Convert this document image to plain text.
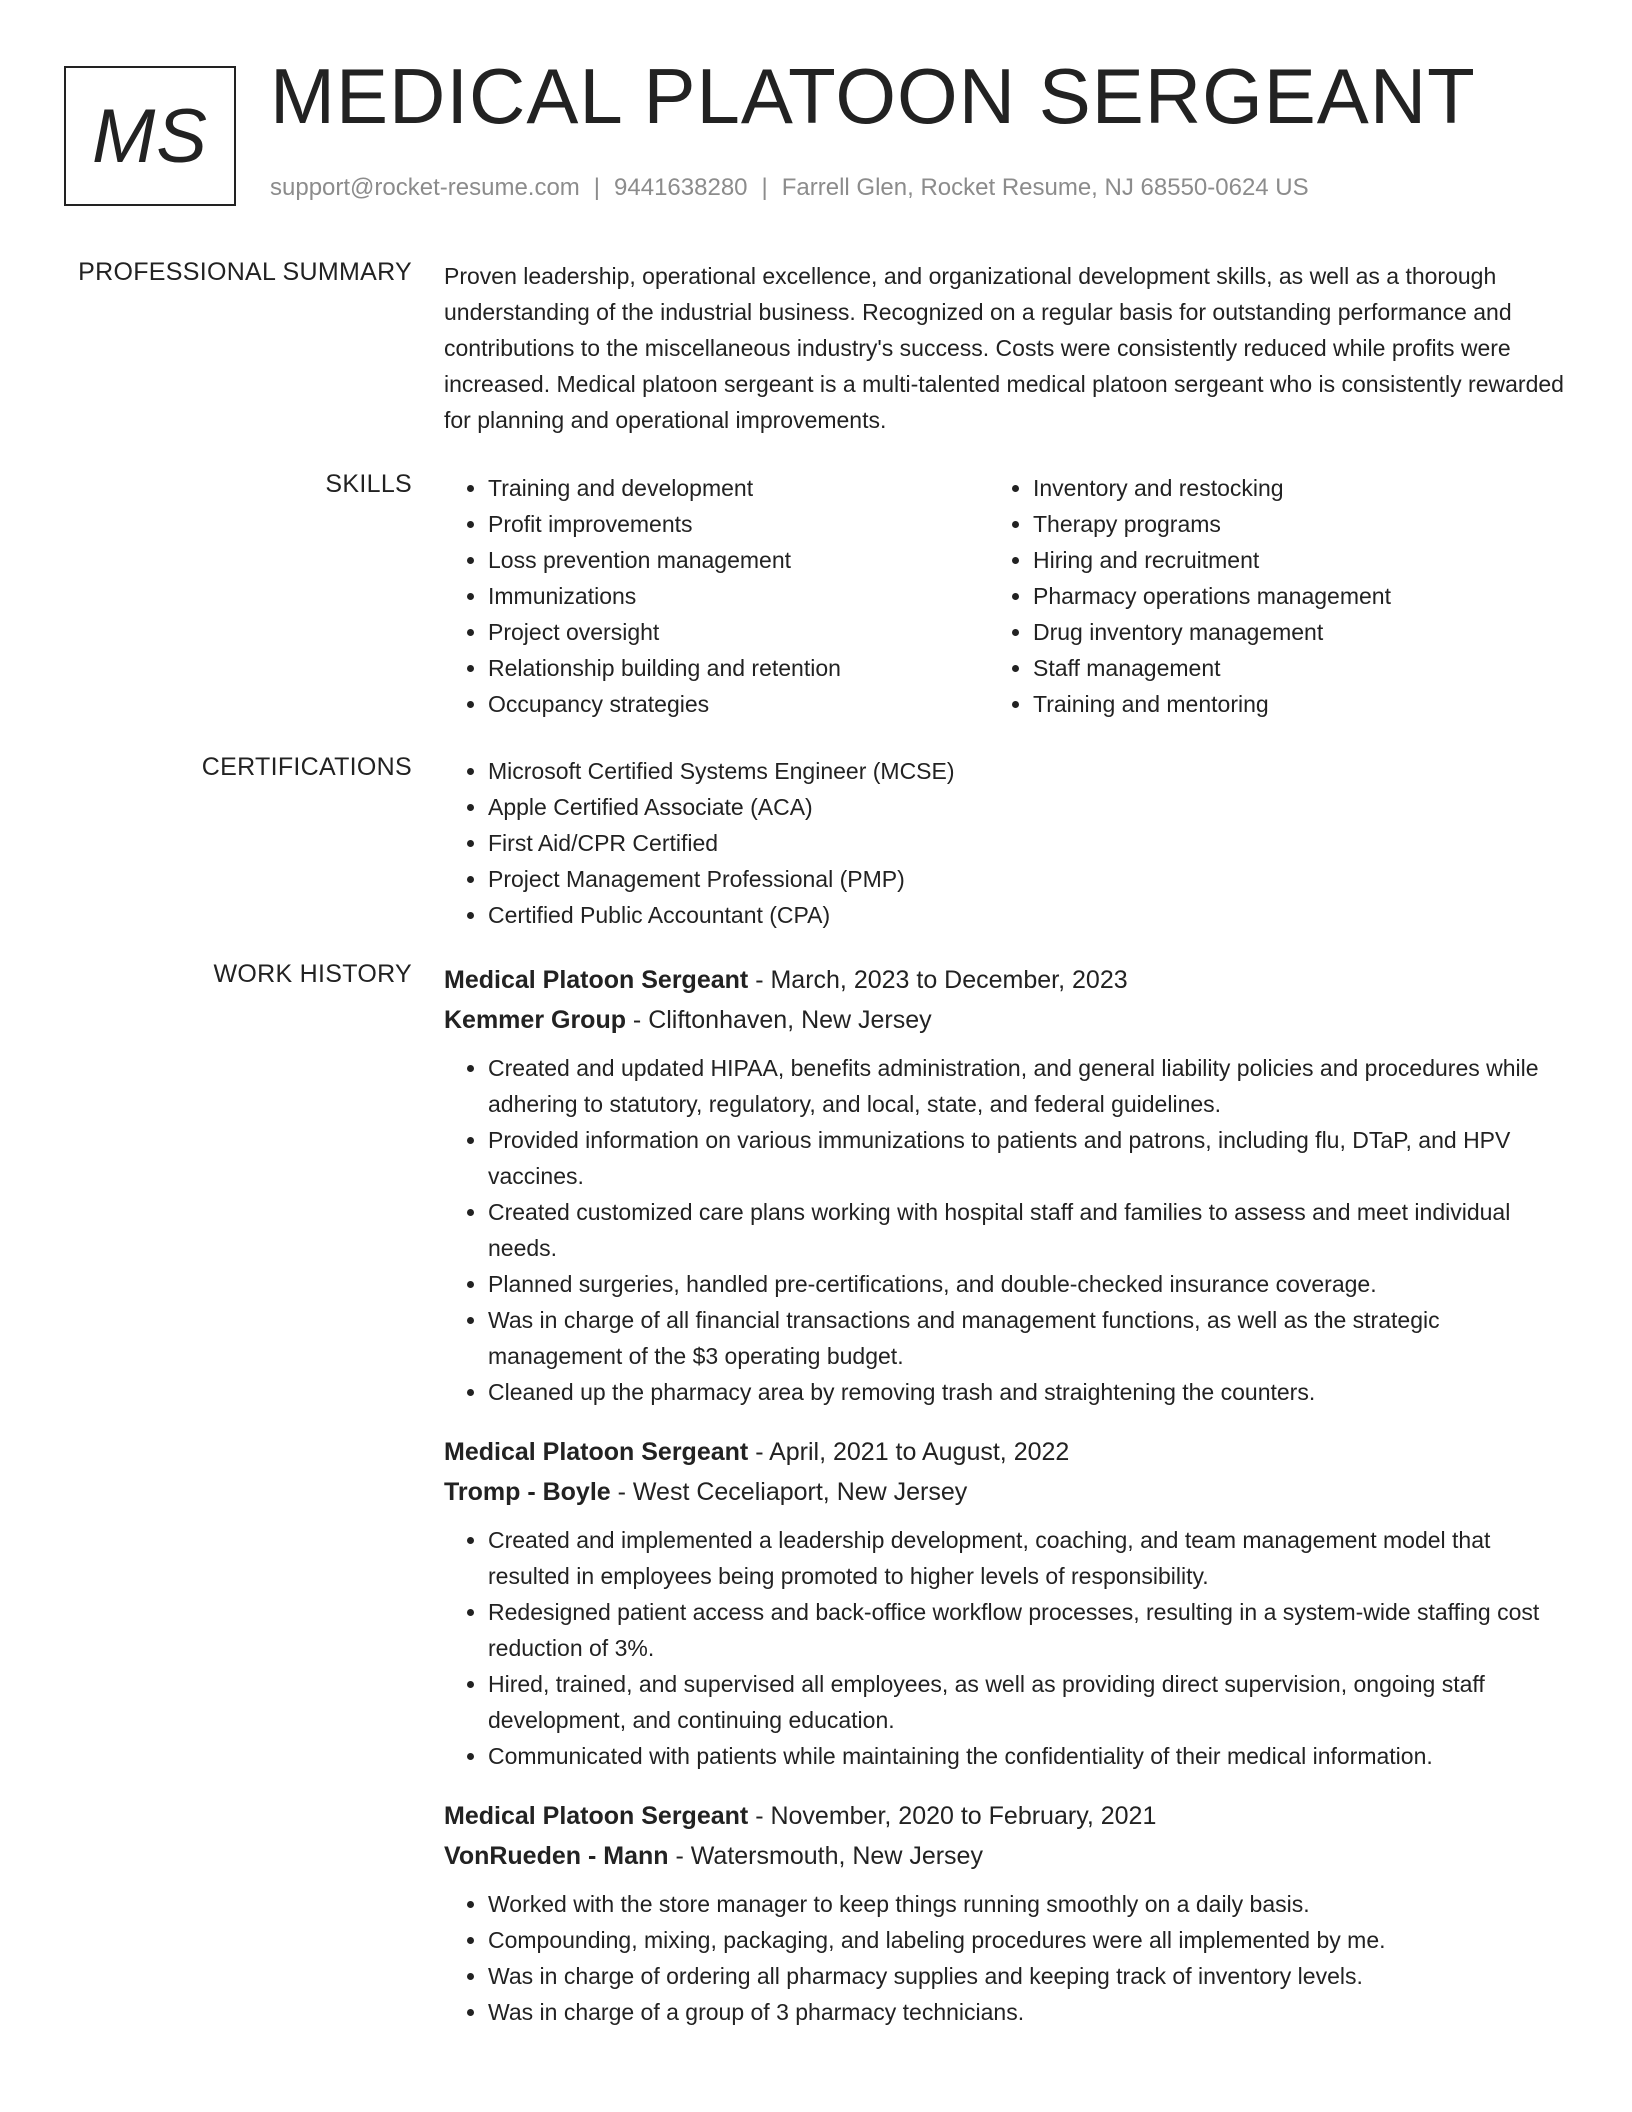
MS MEDICAL PLATOON SERGEANT
support@rocket-resume.com | 9441638280 | Farrell Glen, Rocket Resume, NJ 68550-0624 US
PROFESSIONAL SUMMARY Proven leadership, operational excellence, and organizational development skills, as well as a thorough understanding of the industrial business. Recognized on a regular basis for outstanding performance and contributions to the miscellaneous industry's success. Costs were consistently reduced while profits were increased. Medical platoon sergeant is a multi-talented medical platoon sergeant who is consistently rewarded for planning and operational improvements.

SKILLS	• Training and development
• Profit improvements
• Loss prevention management
• Immunizations
• Project oversight
• Relationship building and retention
• Occupancy strategies
• Inventory and restocking
• Therapy programs
• Hiring and recruitment
• Pharmacy operations management
• Drug inventory management
• Staff management
• Training and mentoring
CERTIFICATIONS	• Microsoft Certified Systems Engineer (MCSE)
• Apple Certified Associate (ACA)
• First Aid/CPR Certified
• Project Management Professional (PMP)
• Certified Public Accountant (CPA)
WORK HISTORY Medical Platoon Sergeant - March, 2023 to December, 2023
Kemmer Group - Cliftonhaven, New Jersey
• Created and updated HIPAA, benefits administration, and general liability policies and procedures while adhering to statutory, regulatory, and local, state, and federal guidelines.
• Provided information on various immunizations to patients and patrons, including flu, DTaP, and HPV vaccines.
• Created customized care plans working with hospital staff and families to assess and meet individual needs.
• Planned surgeries, handled pre-certifications, and double-checked insurance coverage.
• Was in charge of all financial transactions and management functions, as well as the strategic management of the $3 operating budget.
• Cleaned up the pharmacy area by removing trash and straightening the counters.
Medical Platoon Sergeant - April, 2021 to August, 2022
Tromp - Boyle - West Ceceliaport, New Jersey
• Created and implemented a leadership development, coaching, and team management model that resulted in employees being promoted to higher levels of responsibility.
• Redesigned patient access and back-office workflow processes, resulting in a system-wide staffing cost reduction of 3%.
• Hired, trained, and supervised all employees, as well as providing direct supervision, ongoing staff development, and continuing education.
• Communicated with patients while maintaining the confidentiality of their medical information.
Medical Platoon Sergeant - November, 2020 to February, 2021
VonRueden - Mann - Watersmouth, New Jersey
• Worked with the store manager to keep things running smoothly on a daily basis.
• Compounding, mixing, packaging, and labeling procedures were all implemented by me.
• Was in charge of ordering all pharmacy supplies and keeping track of inventory levels.
• Was in charge of a group of 3 pharmacy technicians.
